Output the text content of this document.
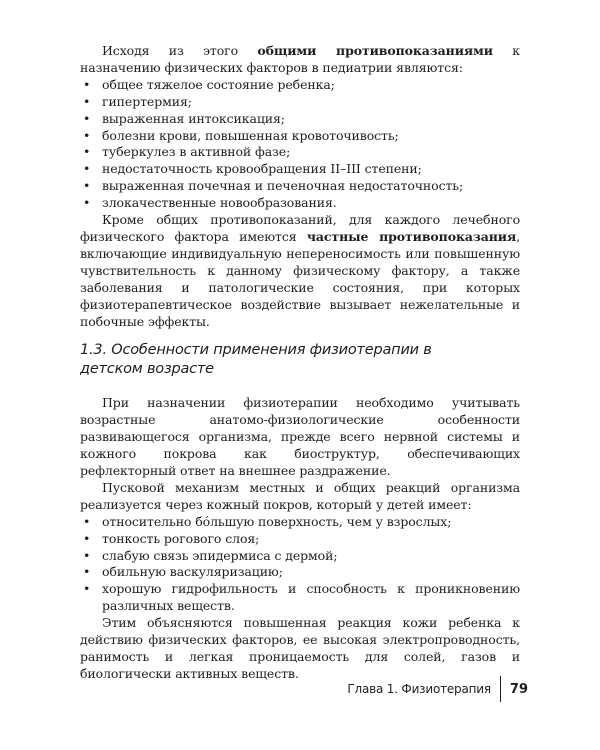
Исходя из этого общими противопоказаниями к назначению физических факторов в педиатрии являются:

• общее тяжелое состояние ребенка;
• гипертермия;
• выраженная интоксикация;
• болезни крови, повышенная кровоточивость;
• туберкулез в активной фазе;
• недостаточность кровообращения II–III степени;
• выраженная почечная и печеночная недостаточность;
• злокачественные новообразования.

Кроме общих противопоказаний, для каждого лечебного физического фактора имеются частные противопоказания, включающие индивидуальную непереносимость или повышенную чувствительность к данному физическому фактору, а также заболевания и патологические состояния, при которых физиотерапевтическое воздействие вызывает нежелательные и побочные эффекты.

1.3. Особенности применения физиотерапии в детском возрасте

При назначении физиотерапии необходимо учитывать возрастные анатомо-физиологические особенности развивающегося организма, прежде всего нервной системы и кожного покрова как биоструктур, обеспечивающих рефлекторный ответ на внешнее раздражение.

Пусковой механизм местных и общих реакций организма реализуется через кожный покров, который у детей имеет:

• относительно бóльшую поверхность, чем у взрослых;
• тонкость рогового слоя;
• слабую связь эпидермиса с дермой;
• обильную васкуляризацию;
• хорошую гидрофильность и способность к проникновению различных веществ.

Этим объясняются повышенная реакция кожи ребенка к действию физических факторов, ее высокая электропроводность, ранимость и легкая проницаемость для солей, газов и биологически активных веществ.

Глава 1. Физиотерапия 79
